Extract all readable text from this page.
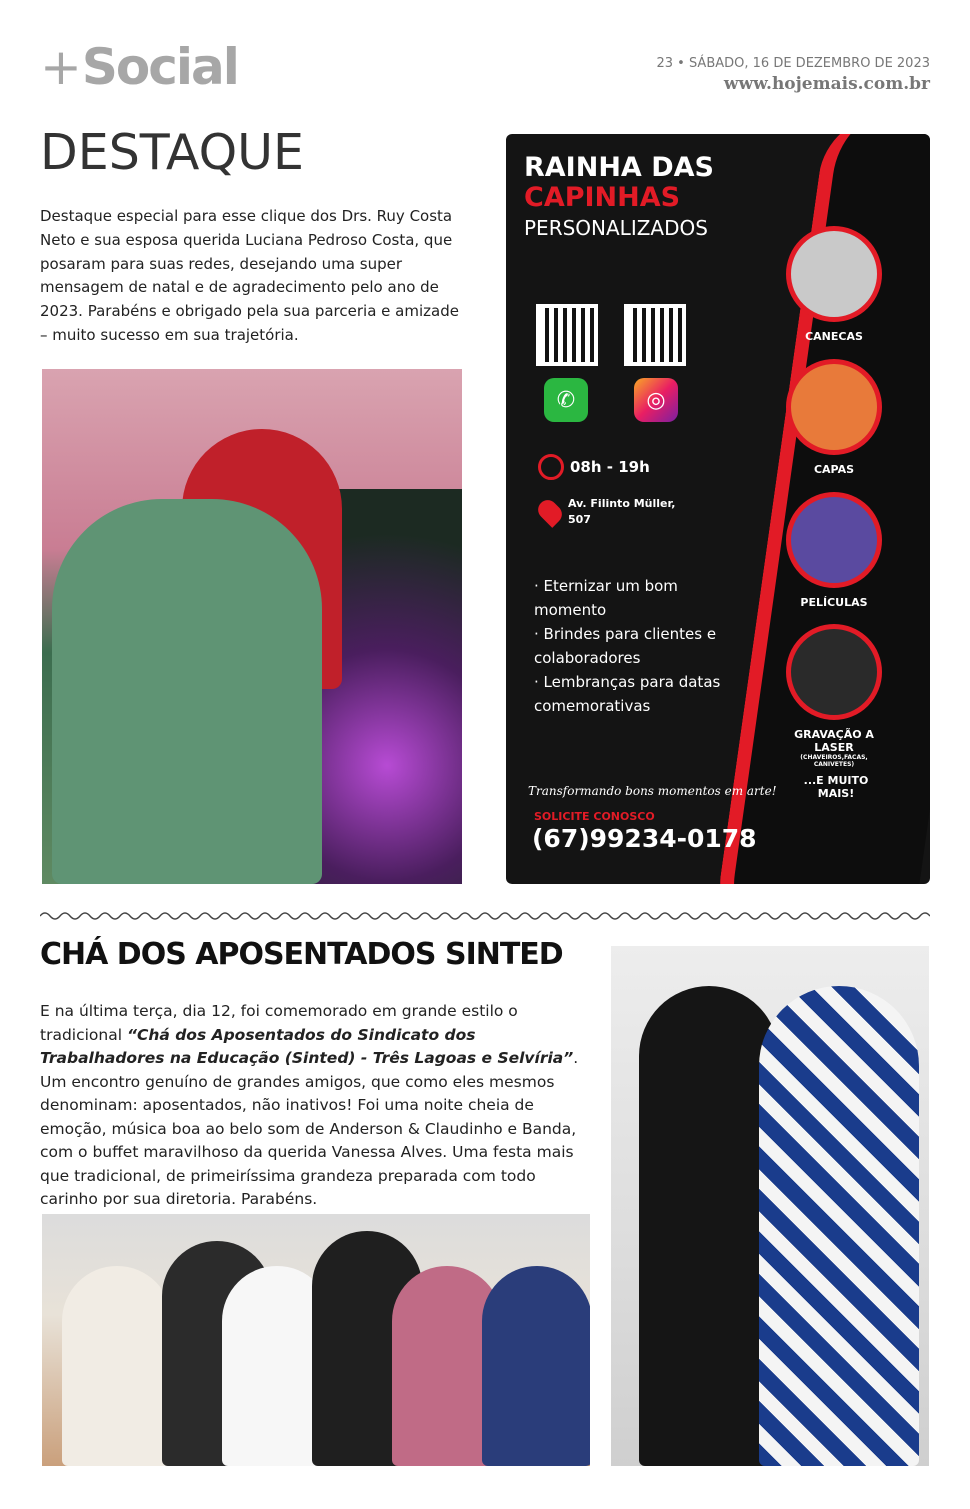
+Social	23 • SÁBADO, 16 DE DEZEMBRO DE 2023
www.hojemais.com.br
DESTAQUE

Destaque especial para esse clique dos Drs. Ruy Costa Neto e sua esposa querida Luciana Pedroso Costa, que posaram para suas redes, desejando uma super mensagem de natal e de agradecimento pelo ano de 2023. Parabéns e obrigado pela sua parceria e amizade – muito sucesso em sua trajetória.

RAINHA DAS
CAPINHAS
PERSONALIZADOS
✆	◎
08h - 19h
Av. Filinto Müller,
507
· Eternizar um bom momento
· Brindes para clientes e colaboradores
· Lembranças para datas comemorativas
Transformando bons momentos em arte!
SOLICITE CONOSCO
(67)99234-0178
CANECAS
CAPAS
PELÍCULAS
GRAVAÇÃO A LASER
(CHAVEIROS,FACAS, CANIVETES)
...E MUITO MAIS!
CHÁ DOS APOSENTADOS SINTED

E na última terça, dia 12, foi comemorado em grande estilo o tradicional “Chá dos Aposentados do Sindicato dos Trabalhadores na Educação (Sinted) - Três Lagoas e Selvíria”. Um encontro genuíno de grandes amigos, que como eles mesmos denominam: aposentados, não inativos! Foi uma noite cheia de emoção, música boa ao belo som de Anderson & Claudinho e Banda, com o buffet maravilhoso da querida Vanessa Alves. Uma festa mais que tradicional, de primeiríssima grandeza preparada com todo carinho por sua diretoria. Parabéns.
